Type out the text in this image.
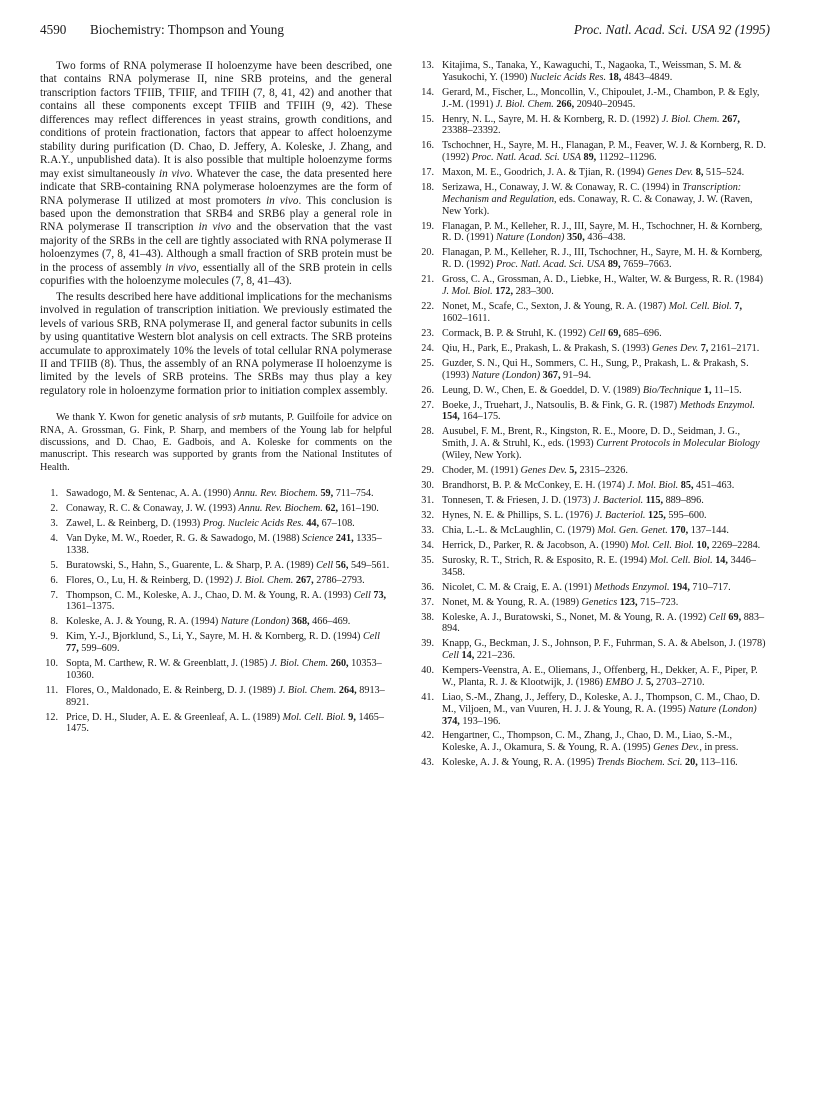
4590 Biochemistry: Thompson and Young	Proc. Natl. Acad. Sci. USA 92 (1995)

Two forms of RNA polymerase II holoenzyme have been described, one that contains RNA polymerase II, nine SRB proteins, and the general transcription factors TFIIB, TFIIF, and TFIIH (7, 8, 41, 42) and another that contains all these components except TFIIB and TFIIH (9, 42). These differences may reflect differences in yeast strains, growth conditions, and conditions of protein fractionation, factors that appear to affect holoenzyme stability during purification (D. Chao, D. Jeffery, A. Koleske, J. Zhang, and R.A.Y., unpublished data). It is also possible that multiple holoenzyme forms may exist simultaneously in vivo. Whatever the case, the data presented here indicate that SRB-containing RNA polymerase holoenzymes are the form of RNA polymerase II utilized at most promoters in vivo. This conclusion is based upon the demonstration that SRB4 and SRB6 play a general role in RNA polymerase II transcription in vivo and the observation that the vast majority of the SRBs in the cell are tightly associated with RNA polymerase II holoenzymes (7, 8, 41–43). Although a small fraction of SRB protein must be in the process of assembly in vivo, essentially all of the SRB protein in cells copurifies with the holoenzyme molecules (7, 8, 41–43).

The results described here have additional implications for the mechanisms involved in regulation of transcription initiation. We previously estimated the levels of various SRB, RNA polymerase II, and general factor subunits in cells by using quantitative Western blot analysis on cell extracts. The SRB proteins accumulate to approximately 10% the levels of total cellular RNA polymerase II and TFIIB (8). Thus, the assembly of an RNA polymerase II holoenzyme is limited by the levels of SRB proteins. The SRBs may thus play a key regulatory role in holoenzyme formation prior to initiation complex assembly.

We thank Y. Kwon for genetic analysis of srb mutants, P. Guilfoile for advice on RNA, A. Grossman, G. Fink, P. Sharp, and members of the Young lab for helpful discussions, and D. Chao, E. Gadbois, and A. Koleske for comments on the manuscript. This research was supported by grants from the National Institutes of Health.

1. Sawadogo, M. & Sentenac, A. A. (1990) Annu. Rev. Biochem. 59, 711–754.
2. Conaway, R. C. & Conaway, J. W. (1993) Annu. Rev. Biochem. 62, 161–190.
3. Zawel, L. & Reinberg, D. (1993) Prog. Nucleic Acids Res. 44, 67–108.
4. Van Dyke, M. W., Roeder, R. G. & Sawadogo, M. (1988) Science 241, 1335–1338.
5. Buratowski, S., Hahn, S., Guarente, L. & Sharp, P. A. (1989) Cell 56, 549–561.
6. Flores, O., Lu, H. & Reinberg, D. (1992) J. Biol. Chem. 267, 2786–2793.
7. Thompson, C. M., Koleske, A. J., Chao, D. M. & Young, R. A. (1993) Cell 73, 1361–1375.
8. Koleske, A. J. & Young, R. A. (1994) Nature (London) 368, 466–469.
9. Kim, Y.-J., Bjorklund, S., Li, Y., Sayre, M. H. & Kornberg, R. D. (1994) Cell 77, 599–609.
10. Sopta, M. Carthew, R. W. & Greenblatt, J. (1985) J. Biol. Chem. 260, 10353–10360.
11. Flores, O., Maldonado, E. & Reinberg, D. J. (1989) J. Biol. Chem. 264, 8913–8921.
12. Price, D. H., Sluder, A. E. & Greenleaf, A. L. (1989) Mol. Cell. Biol. 9, 1465–1475.
13. Kitajima, S., Tanaka, Y., Kawaguchi, T., Nagaoka, T., Weissman, S. M. & Yasukochi, Y. (1990) Nucleic Acids Res. 18, 4843–4849.
14. Gerard, M., Fischer, L., Moncollin, V., Chipoulet, J.-M., Chambon, P. & Egly, J.-M. (1991) J. Biol. Chem. 266, 20940–20945.
15. Henry, N. L., Sayre, M. H. & Kornberg, R. D. (1992) J. Biol. Chem. 267, 23388–23392.
16. Tschochner, H., Sayre, M. H., Flanagan, P. M., Feaver, W. J. & Kornberg, R. D. (1992) Proc. Natl. Acad. Sci. USA 89, 11292–11296.
17. Maxon, M. E., Goodrich, J. A. & Tjian, R. (1994) Genes Dev. 8, 515–524.
18. Serizawa, H., Conaway, J. W. & Conaway, R. C. (1994) in Transcription: Mechanism and Regulation, eds. Conaway, R. C. & Conaway, J. W. (Raven, New York).
19. Flanagan, P. M., Kelleher, R. J., III, Sayre, M. H., Tschochner, H. & Kornberg, R. D. (1991) Nature (London) 350, 436–438.
20. Flanagan, P. M., Kelleher, R. J., III, Tschochner, H., Sayre, M. H. & Kornberg, R. D. (1992) Proc. Natl. Acad. Sci. USA 89, 7659–7663.
21. Gross, C. A., Grossman, A. D., Liebke, H., Walter, W. & Burgess, R. R. (1984) J. Mol. Biol. 172, 283–300.
22. Nonet, M., Scafe, C., Sexton, J. & Young, R. A. (1987) Mol. Cell. Biol. 7, 1602–1611.
23. Cormack, B. P. & Struhl, K. (1992) Cell 69, 685–696.
24. Qiu, H., Park, E., Prakash, L. & Prakash, S. (1993) Genes Dev. 7, 2161–2171.
25. Guzder, S. N., Qui H., Sommers, C. H., Sung, P., Prakash, L. & Prakash, S. (1993) Nature (London) 367, 91–94.
26. Leung, D. W., Chen, E. & Goeddel, D. V. (1989) Bio/Technique 1, 11–15.
27. Boeke, J., Truehart, J., Natsoulis, B. & Fink, G. R. (1987) Methods Enzymol. 154, 164–175.
28. Ausubel, F. M., Brent, R., Kingston, R. E., Moore, D. D., Seidman, J. G., Smith, J. A. & Struhl, K., eds. (1993) Current Protocols in Molecular Biology (Wiley, New York).
29. Choder, M. (1991) Genes Dev. 5, 2315–2326.
30. Brandhorst, B. P. & McConkey, E. H. (1974) J. Mol. Biol. 85, 451–463.
31. Tonnesen, T. & Friesen, J. D. (1973) J. Bacteriol. 115, 889–896.
32. Hynes, N. E. & Phillips, S. L. (1976) J. Bacteriol. 125, 595–600.
33. Chia, L.-L. & McLaughlin, C. (1979) Mol. Gen. Genet. 170, 137–144.
34. Herrick, D., Parker, R. & Jacobson, A. (1990) Mol. Cell. Biol. 10, 2269–2284.
35. Surosky, R. T., Strich, R. & Esposito, R. E. (1994) Mol. Cell. Biol. 14, 3446–3458.
36. Nicolet, C. M. & Craig, E. A. (1991) Methods Enzymol. 194, 710–717.
37. Nonet, M. & Young, R. A. (1989) Genetics 123, 715–723.
38. Koleske, A. J., Buratowski, S., Nonet, M. & Young, R. A. (1992) Cell 69, 883–894.
39. Knapp, G., Beckman, J. S., Johnson, P. F., Fuhrman, S. A. & Abelson, J. (1978) Cell 14, 221–236.
40. Kempers-Veenstra, A. E., Oliemans, J., Offenberg, H., Dekker, A. F., Piper, P. W., Planta, R. J. & Klootwijk, J. (1986) EMBO J. 5, 2703–2710.
41. Liao, S.-M., Zhang, J., Jeffery, D., Koleske, A. J., Thompson, C. M., Chao, D. M., Viljoen, M., van Vuuren, H. J. J. & Young, R. A. (1995) Nature (London) 374, 193–196.
42. Hengartner, C., Thompson, C. M., Zhang, J., Chao, D. M., Liao, S.-M., Koleske, A. J., Okamura, S. & Young, R. A. (1995) Genes Dev., in press.
43. Koleske, A. J. & Young, R. A. (1995) Trends Biochem. Sci. 20, 113–116.
